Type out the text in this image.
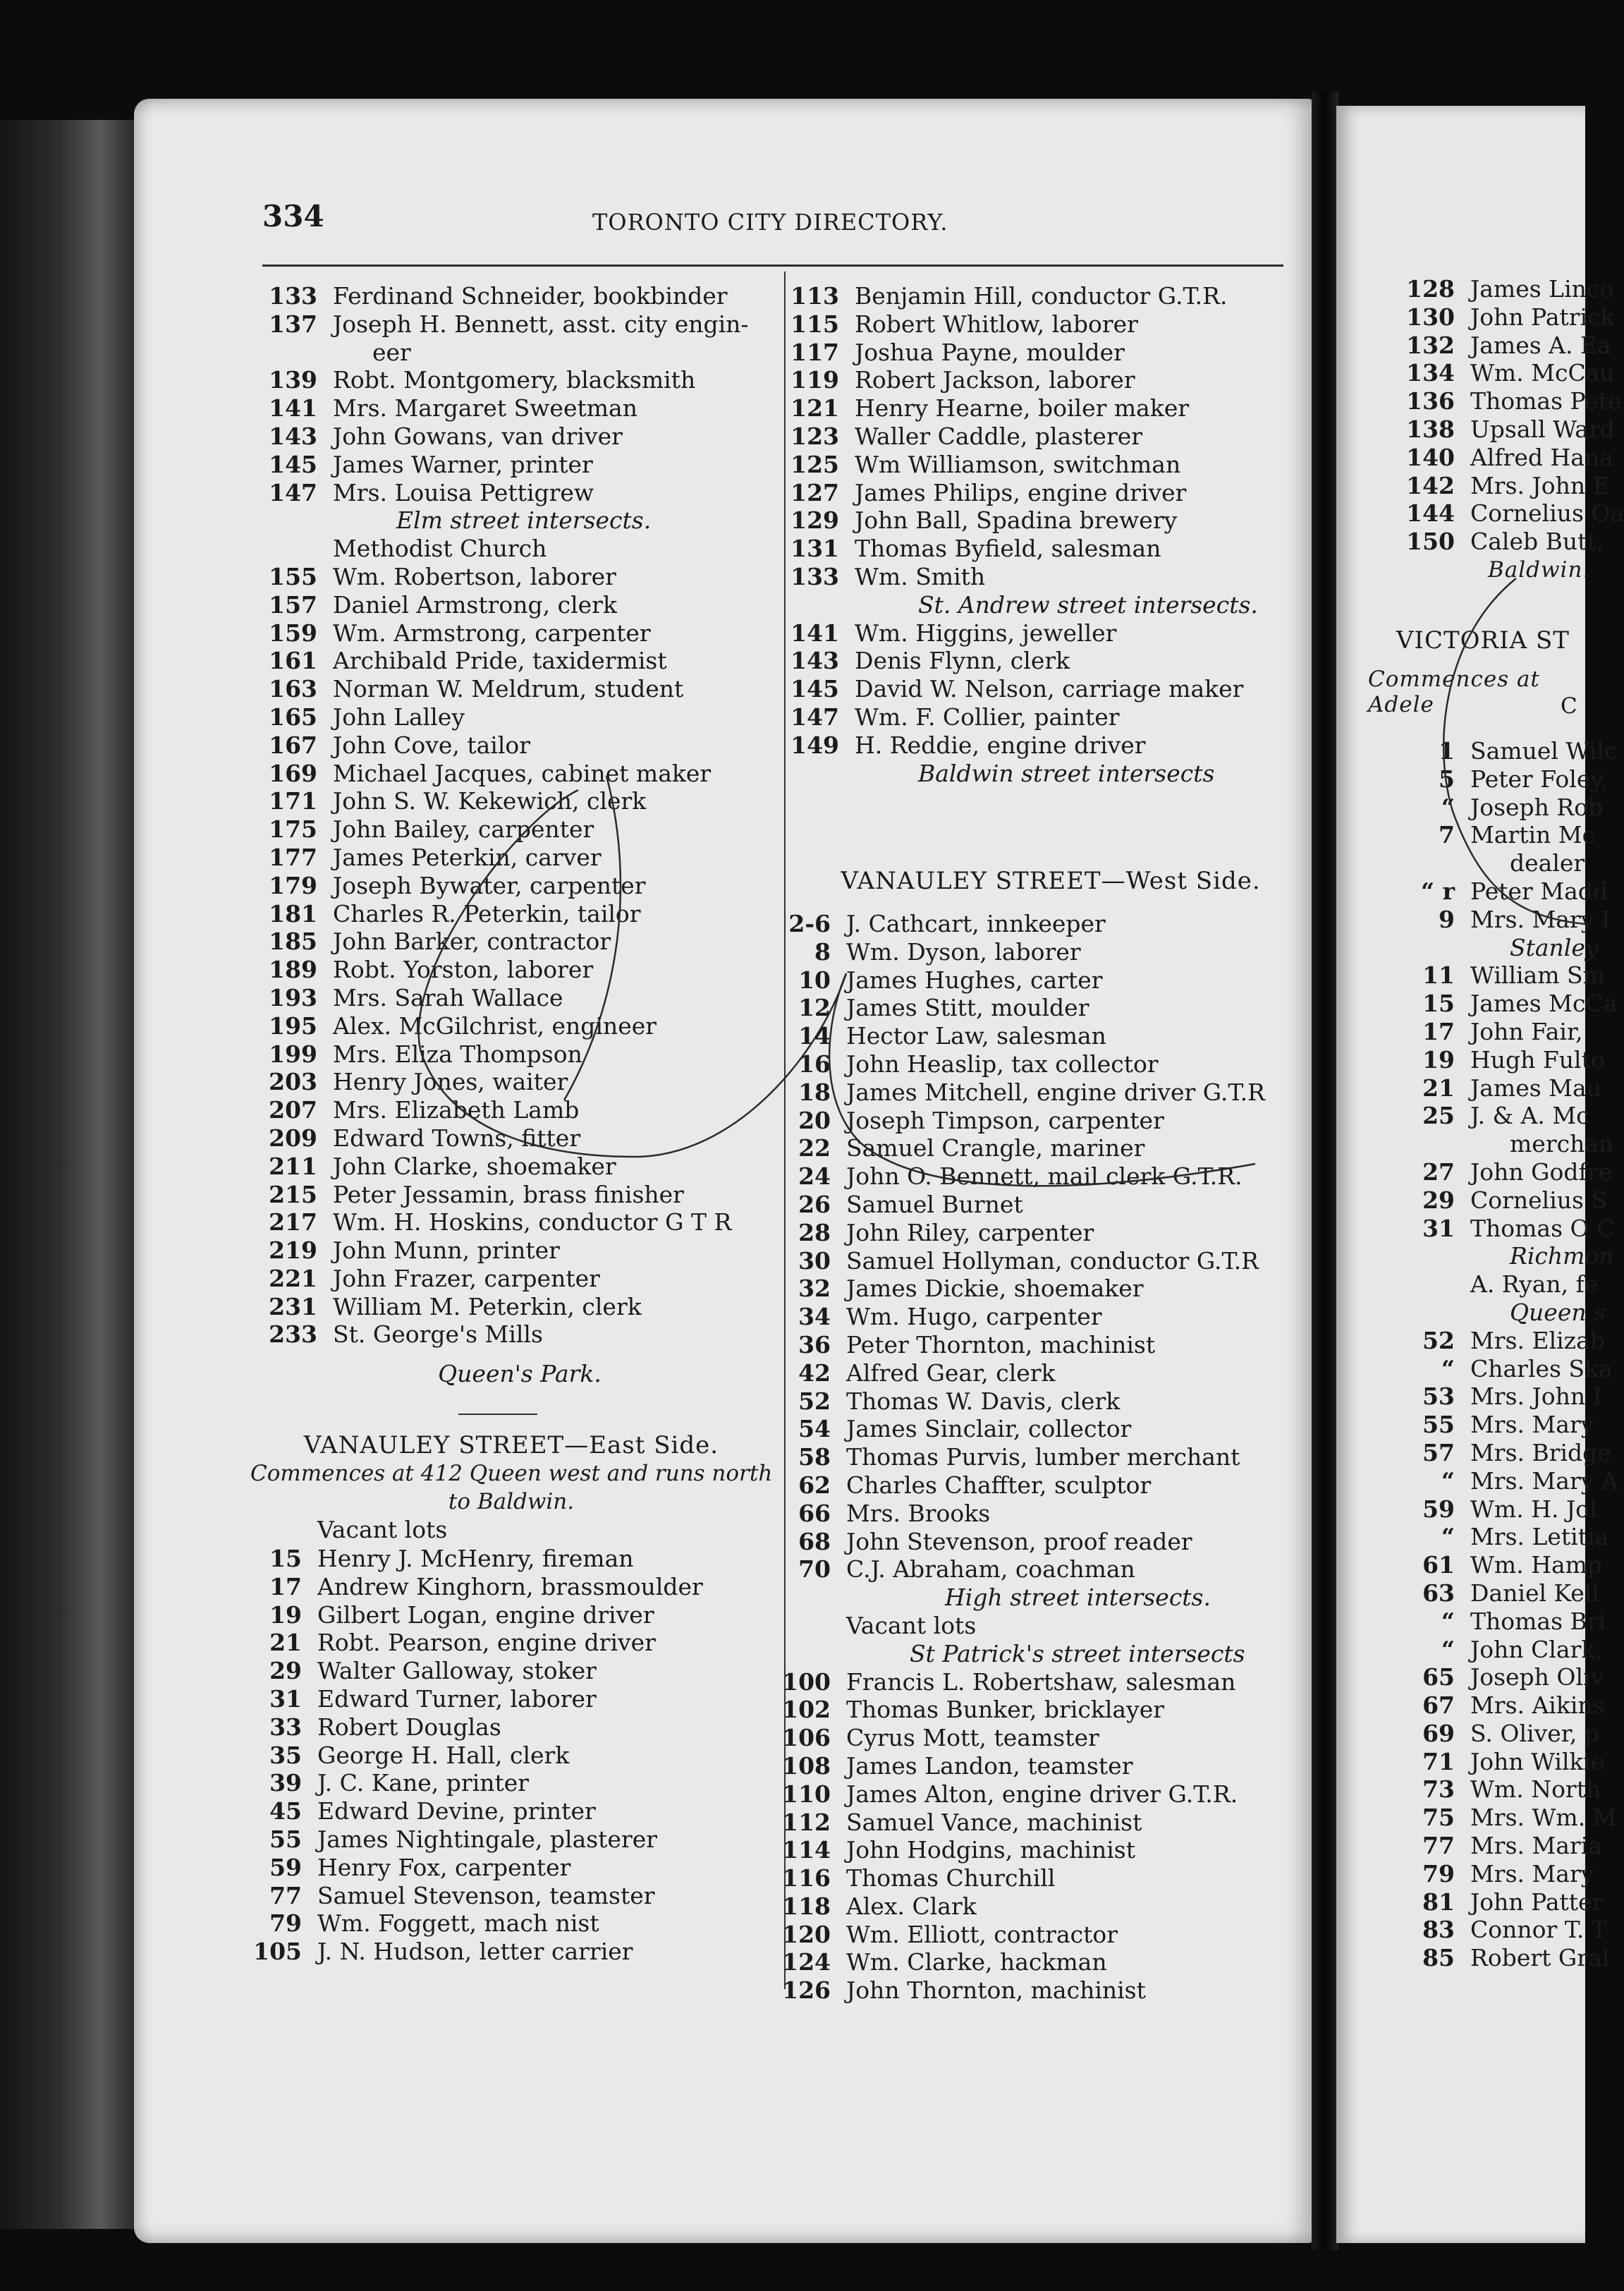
128 James Linco
130 John Patrick
132 James A. Ea
134 Wm. McCau
136 Thomas Pete
138 Upsall Ward
140 Alfred Hana
142 Mrs. John E
144 Cornelius Oa
150 Caleb Butt,
Baldwin.
VICTORIA ST
Commences at Adele	C
1 Samuel Wilc
5 Peter Foley,
“ Joseph Rob
7 Martin Mc
dealer
“ r Peter Madd
9 Mrs. Mary I
Stanley
11 William Sm
15 James McCa
17 John Fair,
19 Hugh Fulto
21 James Mau
25 J. & A. Mc
merchan
27 John Godfre
29 Cornelius S
31 Thomas O C
Richmon
A. Ryan, fe
Queen s
52 Mrs. Elizab
“ Charles Ska
53 Mrs. John I
55 Mrs. Mary
57 Mrs. Bridge
“ Mrs. Mary A
59 Wm. H. Jol
“ Mrs. Letitia
61 Wm. Hamp
63 Daniel Kell
“ Thomas Bri
“ John Clark,
65 Joseph Oliv
67 Mrs. Aikins
69 S. Oliver, p
71 John Wilkie
73 Wm. North
75 Mrs. Wm. M
77 Mrs. Maria
79 Mrs. Mary
81 John Patter
83 Connor T. T
85 Robert Gral
334	TORONTO CITY DIRECTORY.
133 Ferdinand Schneider, bookbinder
137 Joseph H. Bennett, asst. city engin-
eer
139 Robt. Montgomery, blacksmith
141 Mrs. Margaret Sweetman
143 John Gowans, van driver
145 James Warner, printer
147 Mrs. Louisa Pettigrew
Elm street intersects.
Methodist Church
155 Wm. Robertson, laborer
157 Daniel Armstrong, clerk
159 Wm. Armstrong, carpenter
161 Archibald Pride, taxidermist
163 Norman W. Meldrum, student
165 John Lalley
167 John Cove, tailor
169 Michael Jacques, cabinet maker
171 John S. W. Kekewich, clerk
175 John Bailey, carpenter
177 James Peterkin, carver
179 Joseph Bywater, carpenter
181 Charles R. Peterkin, tailor
185 John Barker, contractor
189 Robt. Yorston, laborer
193 Mrs. Sarah Wallace
195 Alex. McGilchrist, engineer
199 Mrs. Eliza Thompson
203 Henry Jones, waiter
207 Mrs. Elizabeth Lamb
209 Edward Towns, fitter
211 John Clarke, shoemaker
215 Peter Jessamin, brass finisher
217 Wm. H. Hoskins, conductor G T R
219 John Munn, printer
221 John Frazer, carpenter
231 William M. Peterkin, clerk
233 St. George's Mills
Queen's Park.
VANAULEY STREET—East Side.
Commences at 412 Queen west and runs north
to Baldwin.
Vacant lots
15 Henry J. McHenry, fireman
17 Andrew Kinghorn, brassmoulder
19 Gilbert Logan, engine driver
21 Robt. Pearson, engine driver
29 Walter Galloway, stoker
31 Edward Turner, laborer
33 Robert Douglas
35 George H. Hall, clerk
39 J. C. Kane, printer
45 Edward Devine, printer
55 James Nightingale, plasterer
59 Henry Fox, carpenter
77 Samuel Stevenson, teamster
79 Wm. Foggett, mach nist
105 J. N. Hudson, letter carrier
113 Benjamin Hill, conductor G.T.R.
115 Robert Whitlow, laborer
117 Joshua Payne, moulder
119 Robert Jackson, laborer
121 Henry Hearne, boiler maker
123 Waller Caddle, plasterer
125 Wm Williamson, switchman
127 James Philips, engine driver
129 John Ball, Spadina brewery
131 Thomas Byfield, salesman
133 Wm. Smith
St. Andrew street intersects.
141 Wm. Higgins, jeweller
143 Denis Flynn, clerk
145 David W. Nelson, carriage maker
147 Wm. F. Collier, painter
149 H. Reddie, engine driver
Baldwin street intersects
VANAULEY STREET—West Side.
2-6 J. Cathcart, innkeeper
8 Wm. Dyson, laborer
10 James Hughes, carter
12 James Stitt, moulder
14 Hector Law, salesman
16 John Heaslip, tax collector
18 James Mitchell, engine driver G.T.R
20 Joseph Timpson, carpenter
22 Samuel Crangle, mariner
24 John O. Bennett, mail clerk G.T.R.
26 Samuel Burnet
28 John Riley, carpenter
30 Samuel Hollyman, conductor G.T.R
32 James Dickie, shoemaker
34 Wm. Hugo, carpenter
36 Peter Thornton, machinist
42 Alfred Gear, clerk
52 Thomas W. Davis, clerk
54 James Sinclair, collector
58 Thomas Purvis, lumber merchant
62 Charles Chaffter, sculptor
66 Mrs. Brooks
68 John Stevenson, proof reader
70 C.J. Abraham, coachman
High street intersects.
Vacant lots
St Patrick's street intersects
100 Francis L. Robertshaw, salesman
102 Thomas Bunker, bricklayer
106 Cyrus Mott, teamster
108 James Landon, teamster
110 James Alton, engine driver G.T.R.
112 Samuel Vance, machinist
114 John Hodgins, machinist
116 Thomas Churchill
118 Alex. Clark
120 Wm. Elliott, contractor
124 Wm. Clarke, hackman
126 John Thornton, machinist
